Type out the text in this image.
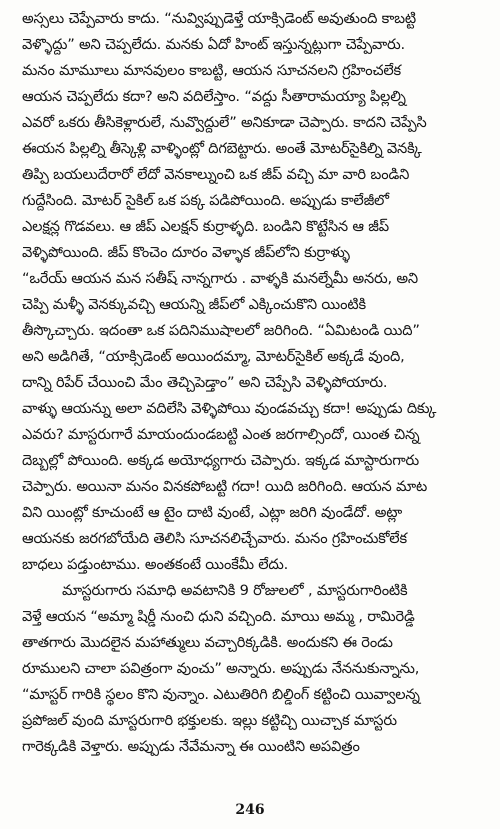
అస్సలు చెప్పేవారు కాదు. “నువ్విప్పుడెళ్తే యాక్సిడెంట్ అవుతుంది కాబట్టి
వెళ్ళొద్దు” అని చెప్పలేదు. మనకు ఏదో హింట్ ఇస్తున్నట్లుగా చెప్పేవారు.
మనం మామూలు మానవులం కాబట్టి, ఆయన సూచనలని గ్రహించలేక
ఆయన చెప్పలేదు కదా? అని వదిలేస్తాం. “వద్దు సీతారామయ్యా పిల్లల్ని
ఎవరో ఒకరు తీసికెళ్లారులే, నువ్వొద్దులే” అనికూడా చెప్పారు. కాదని చెప్పేసి
ఈయన పిల్లల్ని తీస్కెళ్లి వాళ్ళింట్లో దిగబెట్టారు. అంతే మోటర్‌సైకిల్ని వెనక్కి
తిప్పి బయలుదేరారో లేదో వెనకాల్నుంచి ఒక జీప్ వచ్చి మా వారి బండిని
గుద్దేసింది. మోటర్ సైకిల్ ఒక పక్క పడిపోయింది. అప్పుడు కాలేజీలో
ఎలక్షన్ల గొడవలు. ఆ జీప్ ఎలక్షన్ కుర్రాళ్ళది. బండిని కొట్టేసిన ఆ జీప్
వెళ్ళిపోయింది. జీప్ కొంచెం దూరం వెళ్ళాక జీప్‌లోని కుర్రాళ్ళు
“ఒరేయ్ ఆయన మన సతీష్ నాన్నగారు . వాళ్ళకి మనల్నేమీ అనరు, అని
చెప్పి మళ్ళీ వెనక్కువచ్చి ఆయన్ని జీప్‌లో ఎక్కించుకొని యింటికి
తీస్కొచ్చారు. ఇదంతా ఒక పదినిముషాలలో జరిగింది. “ఏమిటండి యిది”
అని అడిగితే, “యాక్సిడెంట్ అయిందమ్మా, మోటర్‌సైకిల్ అక్కడే వుంది,
దాన్ని రిపేర్ చేయించి మేం తెచ్చిపెడ్తాం” అని చెప్పేసి వెళ్ళిపోయారు.
వాళ్ళు ఆయన్ను అలా వదిలేసి వెళ్ళిపోయి వుండవచ్చు కదా! అప్పుడు దిక్కు
ఎవరు? మాస్టరుగారే మాయందుండబట్టి ఎంత జరగాల్సిందో, యింత చిన్న
దెబ్బల్లో పోయింది. అక్కడ అయోధ్యగారు చెప్పారు. ఇక్కడ మాస్టారుగారు
చెప్పారు. అయినా మనం వినకపోబట్టి గదా! యిది జరిగింది. ఆయన మాట
విని యింట్లో కూచుంటే ఆ టైం దాటి వుంటే, ఎట్లా జరిగి వుండేదో. అట్లా
ఆయనకు జరగబోయేది తెలిసి సూచనలిచ్చేవారు. మనం గ్రహించుకోలేక
బాధలు పడ్తుంటాము. అంతకంటే యింకేమీ లేదు.
మాస్టరుగారు సమాధి అవటానికి 9 రోజులలో , మాస్టరుగారింటికి
వెళ్తే ఆయన “అమ్మా షిర్డీ నుంచి ధుని వచ్చింది. మాయి అమ్మ , రామిరెడ్డి
తాతగారు మొదలైన మహాత్ములు వచ్చారిక్కడికి. అందుకని ఈ రెండు
రూములని చాలా పవిత్రంగా వుంచు” అన్నారు. అప్పుడు నేననుకున్నాను,
“మాస్టర్ గారికి స్థలం కొని వున్నాం. ఎటుతిరిగి బిల్డింగ్ కట్టించి యివ్వాలన్న
ప్రపోజల్ వుంది మాస్టరుగారి భక్తులకు. ఇల్లు కట్టిచ్చి యిచ్చాక మాస్టరు
గారెక్కడికి వెళ్తారు. అప్పుడు నేవేమన్నా ఈ యింటిని అపవిత్రం
246
